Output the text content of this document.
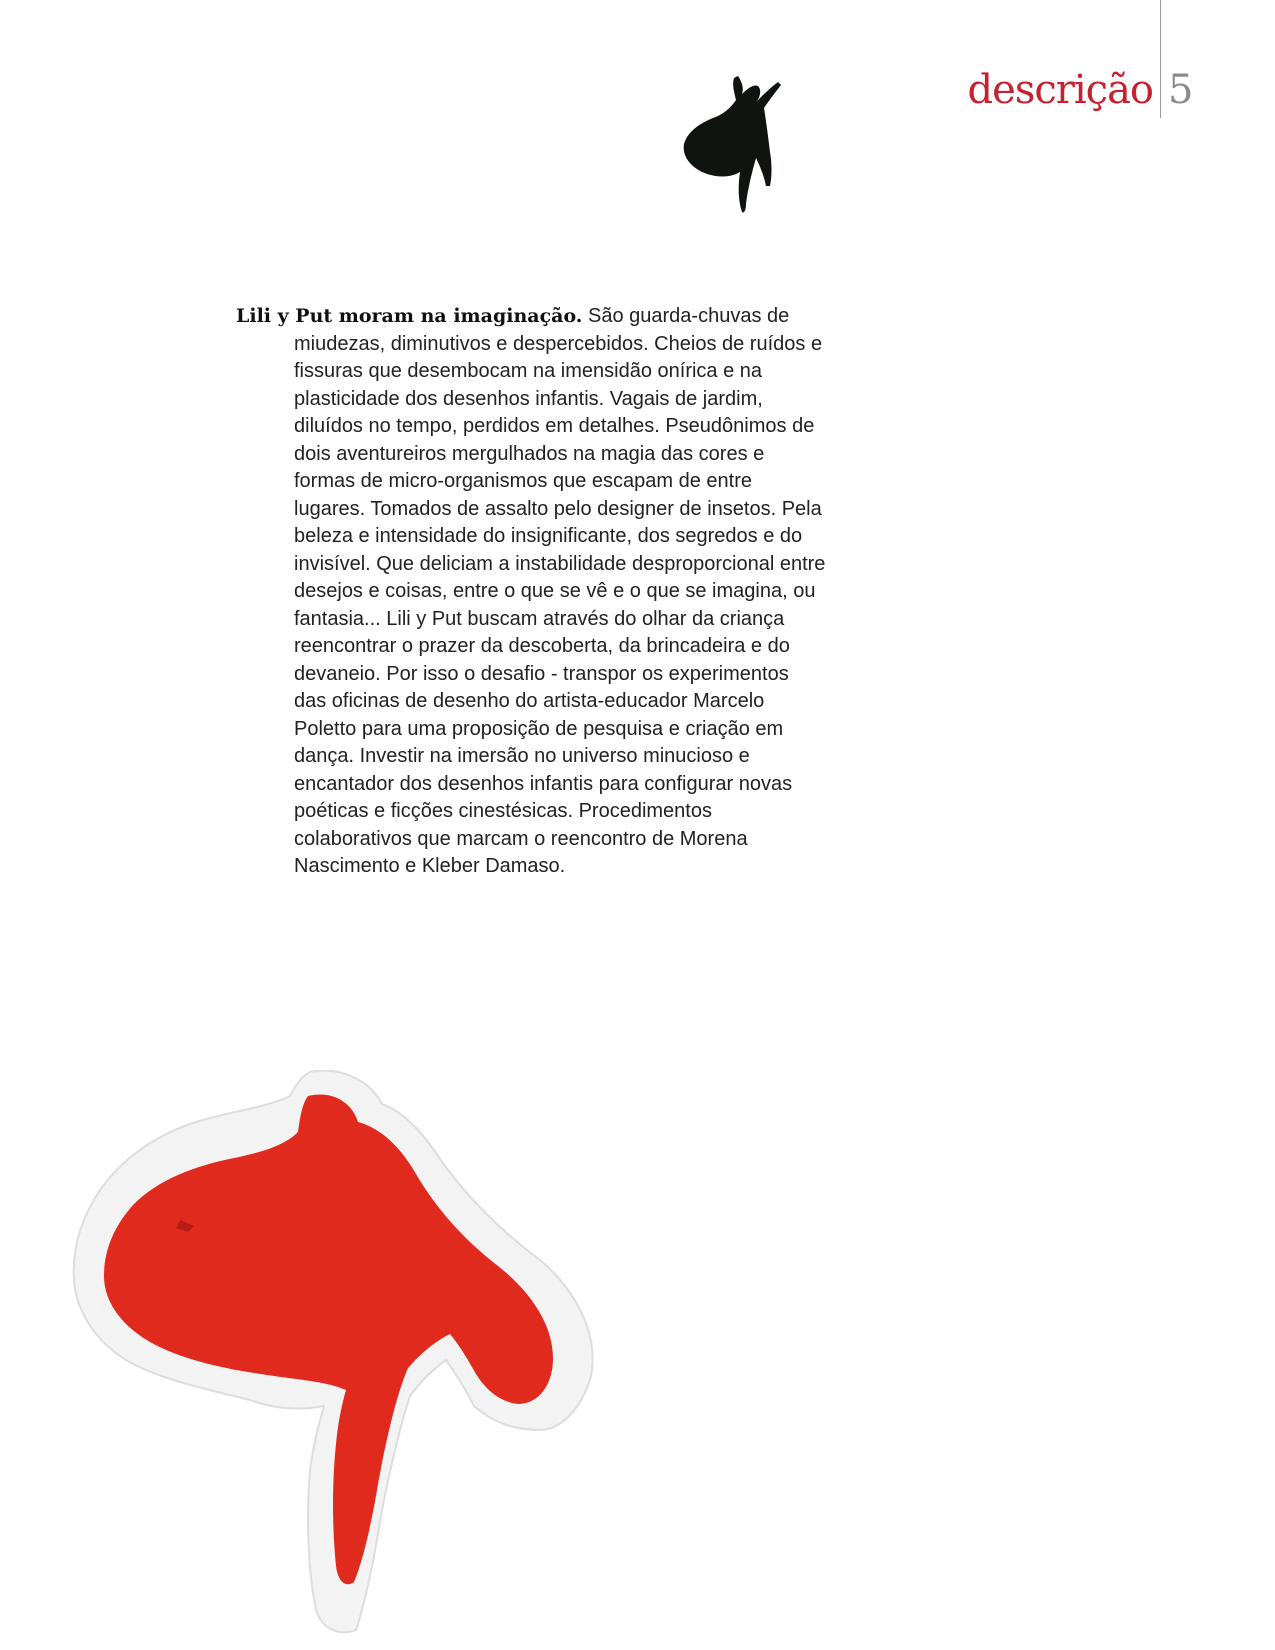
descrição 5

Lili y Put moram na imaginação. São guarda-chuvas de miudezas, diminutivos e despercebidos. Cheios de ruídos e fissuras que desembocam na imensidão onírica e na plasticidade dos desenhos infantis. Vagais de jardim, diluídos no tempo, perdidos em detalhes. Pseudônimos de dois aventureiros mergulhados na magia das cores e formas de micro-organismos que escapam de entre lugares. Tomados de assalto pelo designer de insetos. Pela beleza e intensidade do insignificante, dos segredos e do invisível. Que deliciam a instabilidade desproporcional entre desejos e coisas, entre o que se vê e o que se imagina, ou fantasia... Lili y Put buscam através do olhar da criança reencontrar o prazer da descoberta, da brincadeira e do devaneio. Por isso o desafio - transpor os experimentos das oficinas de desenho do artista-educador Marcelo Poletto para uma proposição de pesquisa e criação em dança. Investir na imersão no universo minucioso e encantador dos desenhos infantis para configurar novas poéticas e ficções cinestésicas. Procedimentos colaborativos que marcam o reencontro de Morena Nascimento e Kleber Damaso.
